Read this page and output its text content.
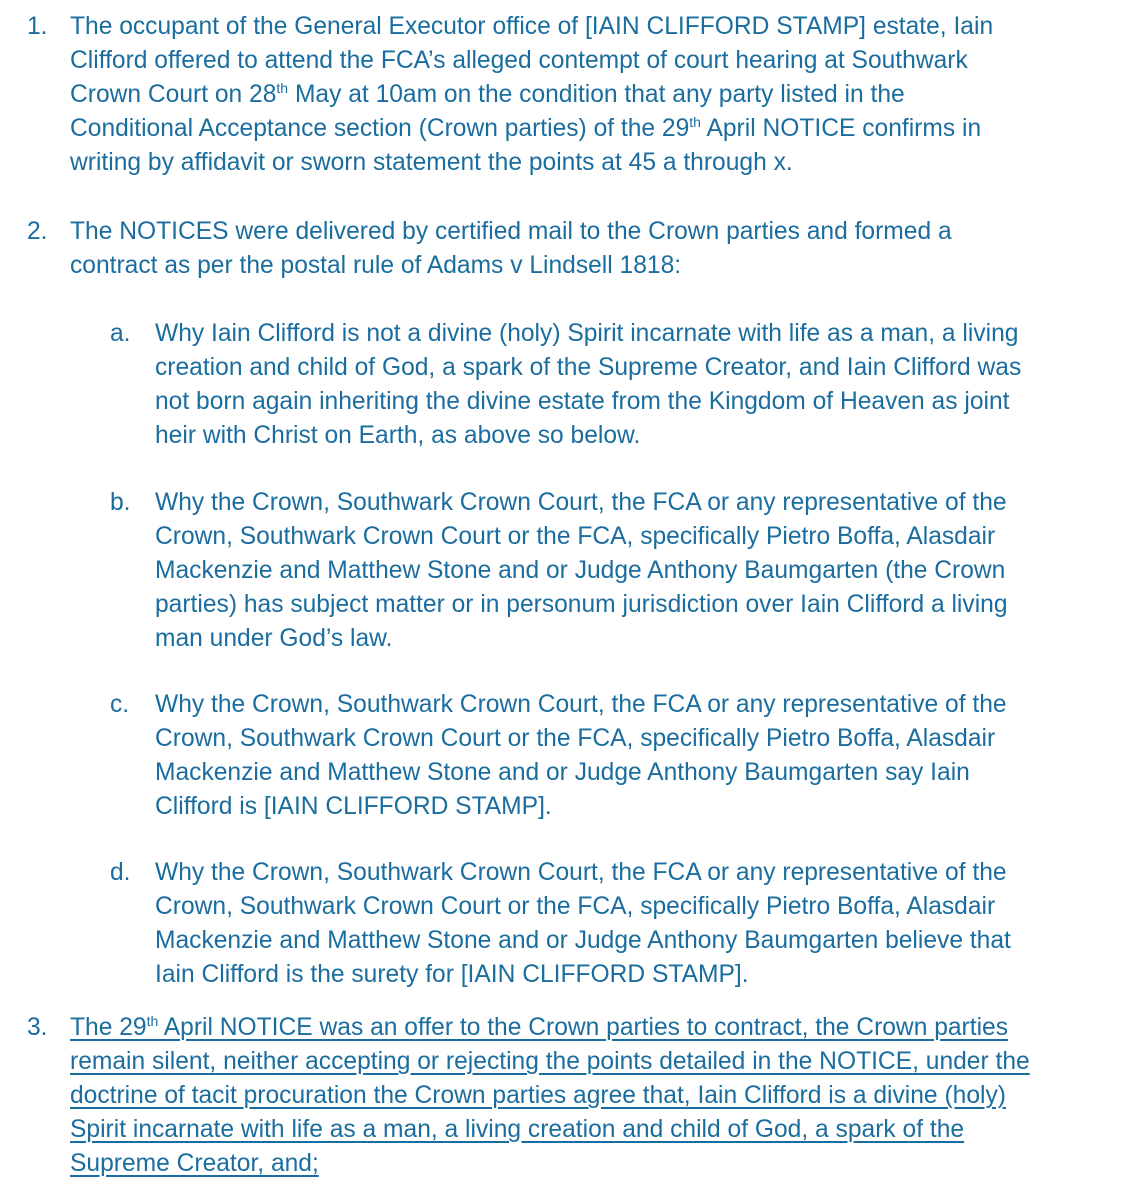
1. The occupant of the General Executor office of [IAIN CLIFFORD STAMP] estate, Iain
Clifford offered to attend the FCA’s alleged contempt of court hearing at Southwark
Crown Court on 28th May at 10am on the condition that any party listed in the
Conditional Acceptance section (Crown parties) of the 29th April NOTICE confirms in
writing by affidavit or sworn statement the points at 45 a through x.
2. The NOTICES were delivered by certified mail to the Crown parties and formed a
contract as per the postal rule of Adams v Lindsell 1818:
a. Why Iain Clifford is not a divine (holy) Spirit incarnate with life as a man, a living
creation and child of God, a spark of the Supreme Creator, and Iain Clifford was
not born again inheriting the divine estate from the Kingdom of Heaven as joint
heir with Christ on Earth, as above so below.
b. Why the Crown, Southwark Crown Court, the FCA or any representative of the
Crown, Southwark Crown Court or the FCA, specifically Pietro Boffa, Alasdair
Mackenzie and Matthew Stone and or Judge Anthony Baumgarten (the Crown
parties) has subject matter or in personum jurisdiction over Iain Clifford a living
man under God’s law.
c. Why the Crown, Southwark Crown Court, the FCA or any representative of the
Crown, Southwark Crown Court or the FCA, specifically Pietro Boffa, Alasdair
Mackenzie and Matthew Stone and or Judge Anthony Baumgarten say Iain
Clifford is [IAIN CLIFFORD STAMP].
d. Why the Crown, Southwark Crown Court, the FCA or any representative of the
Crown, Southwark Crown Court or the FCA, specifically Pietro Boffa, Alasdair
Mackenzie and Matthew Stone and or Judge Anthony Baumgarten believe that
Iain Clifford is the surety for [IAIN CLIFFORD STAMP].
3. The 29th April NOTICE was an offer to the Crown parties to contract, the Crown parties
remain silent, neither accepting or rejecting the points detailed in the NOTICE, under the
doctrine of tacit procuration the Crown parties agree that, Iain Clifford is a divine (holy)
Spirit incarnate with life as a man, a living creation and child of God, a spark of the
Supreme Creator, and;
